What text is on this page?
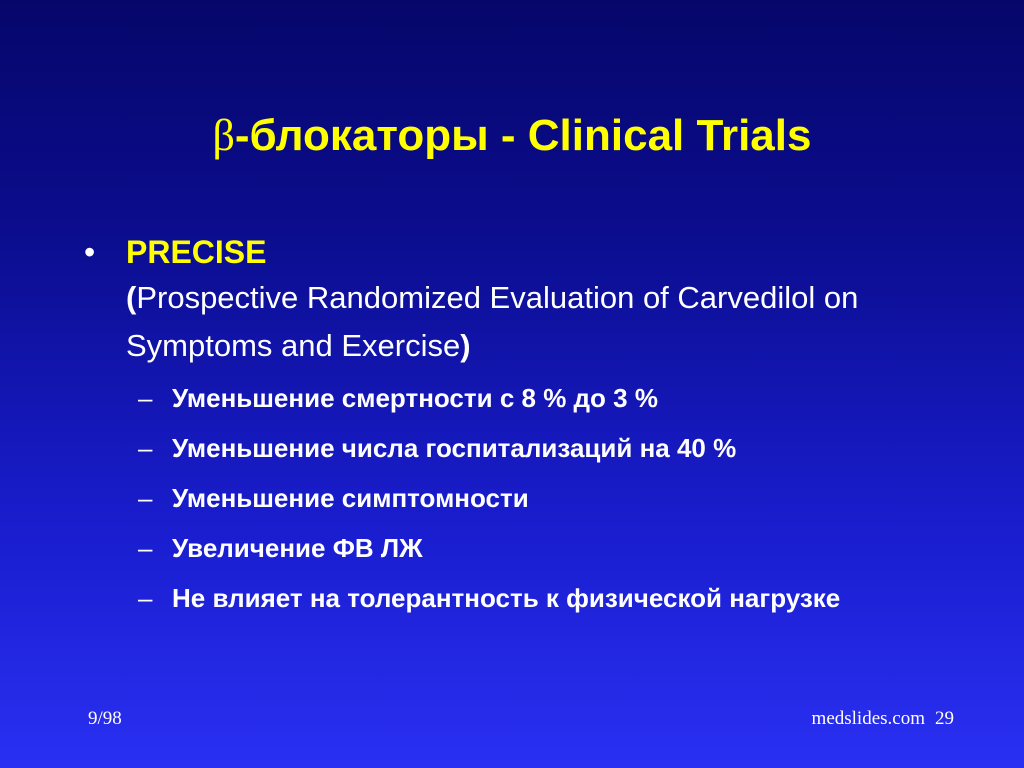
β-блокаторы - Clinical Trials
• PRECISE
(Prospective Randomized Evaluation of Carvedilol on Symptoms and Exercise)
– Уменьшение смертности с 8 % до 3 %
– Уменьшение числа госпитализаций на 40 %
– Уменьшение симптомности
– Увеличение ФВ ЛЖ
– Не влияет на толерантность к физической нагрузке
9/98	medslides.com 29
